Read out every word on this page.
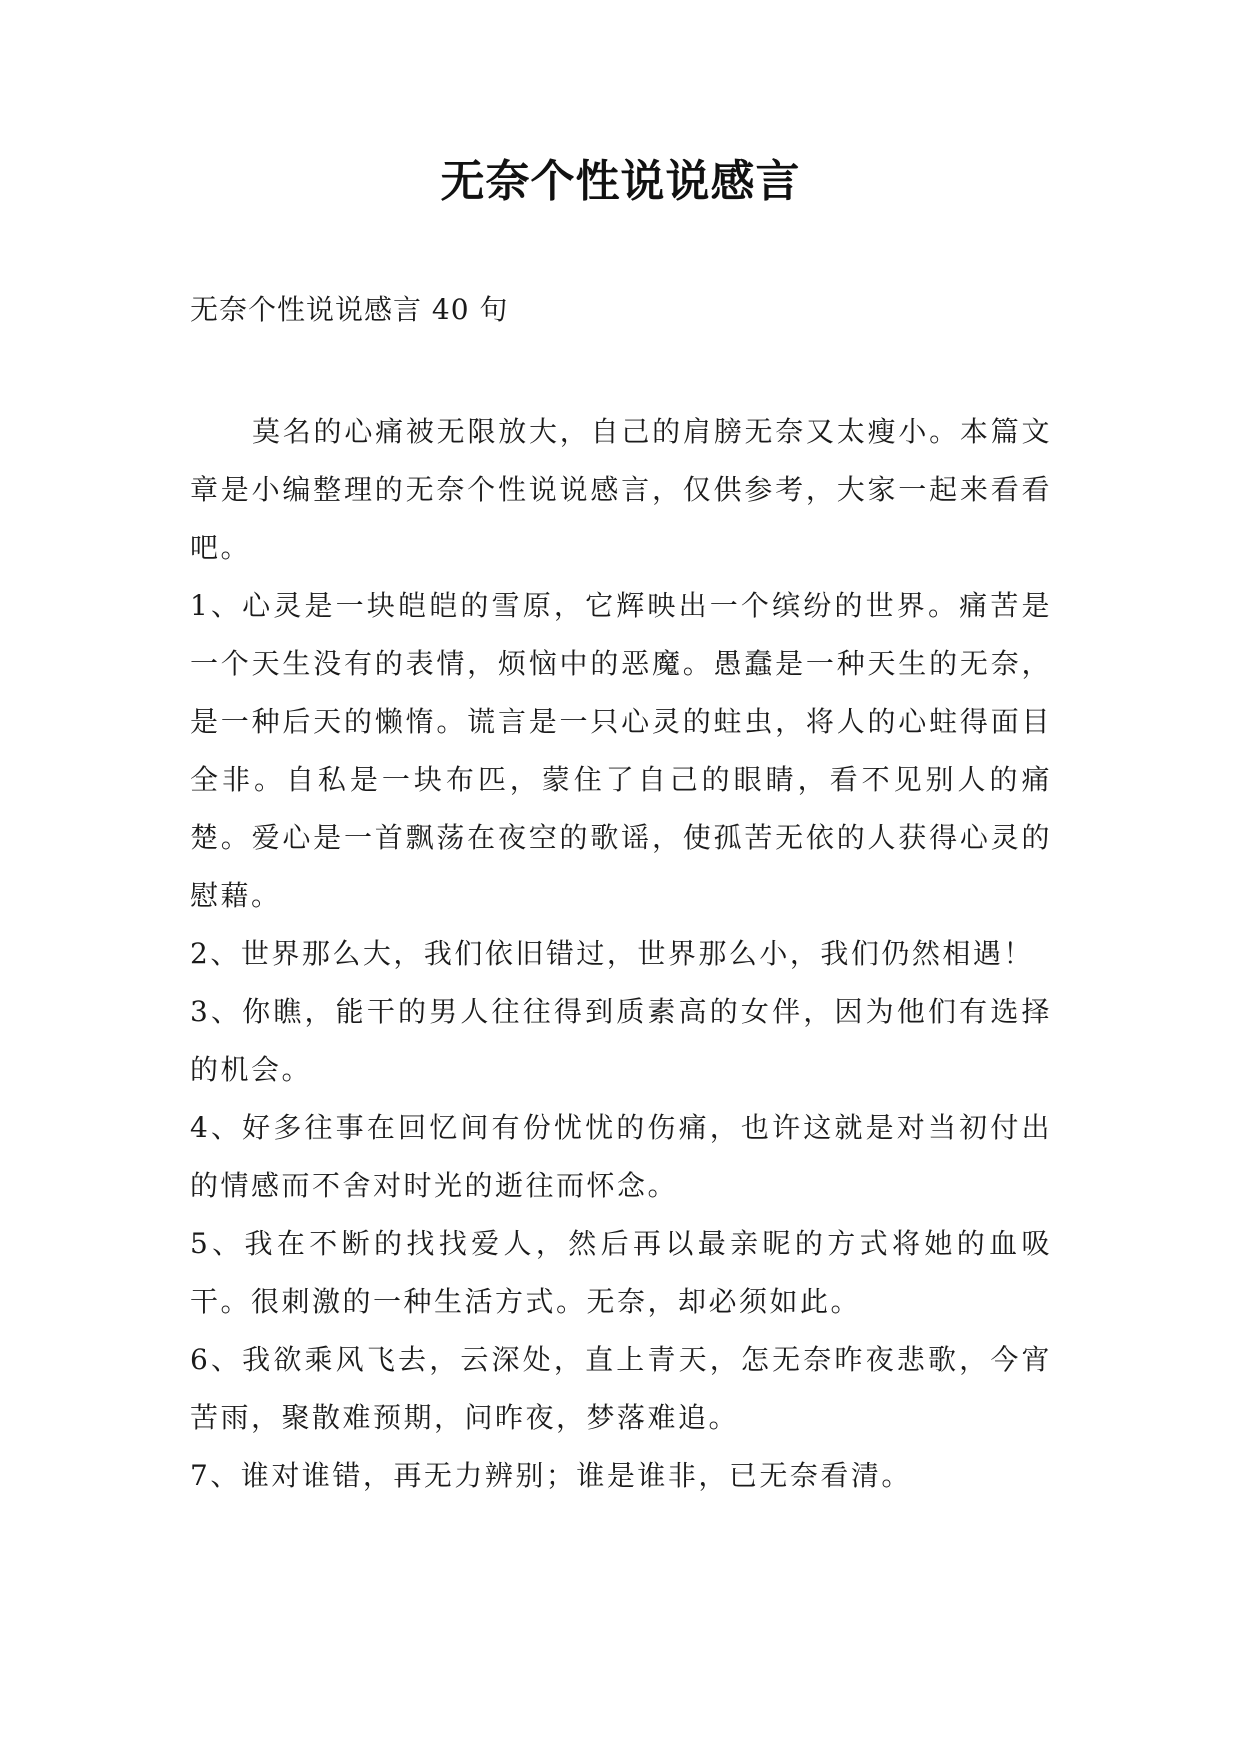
无奈个性说说感言
无奈个性说说感言 40 句

莫名的心痛被无限放大，自己的肩膀无奈又太瘦小。本篇文章是小编整理的无奈个性说说感言，仅供参考，大家一起来看看吧。

1、心灵是一块皑皑的雪原，它辉映出一个缤纷的世界。痛苦是一个天生没有的表情，烦恼中的恶魔。愚蠢是一种天生的无奈，是一种后天的懒惰。谎言是一只心灵的蛀虫，将人的心蛀得面目全非。自私是一块布匹，蒙住了自己的眼睛，看不见别人的痛楚。爱心是一首飘荡在夜空的歌谣，使孤苦无依的人获得心灵的慰藉。

2、世界那么大，我们依旧错过，世界那么小，我们仍然相遇！

3、你瞧，能干的男人往往得到质素高的女伴，因为他们有选择的机会。

4、好多往事在回忆间有份忧忧的伤痛，也许这就是对当初付出的情感而不舍对时光的逝往而怀念。

5、我在不断的找找爱人，然后再以最亲昵的方式将她的血吸干。很刺激的一种生活方式。无奈，却必须如此。

6、我欲乘风飞去，云深处，直上青天，怎无奈昨夜悲歌，今宵苦雨，聚散难预期，问昨夜，梦落难追。

7、谁对谁错，再无力辨别；谁是谁非，已无奈看清。
